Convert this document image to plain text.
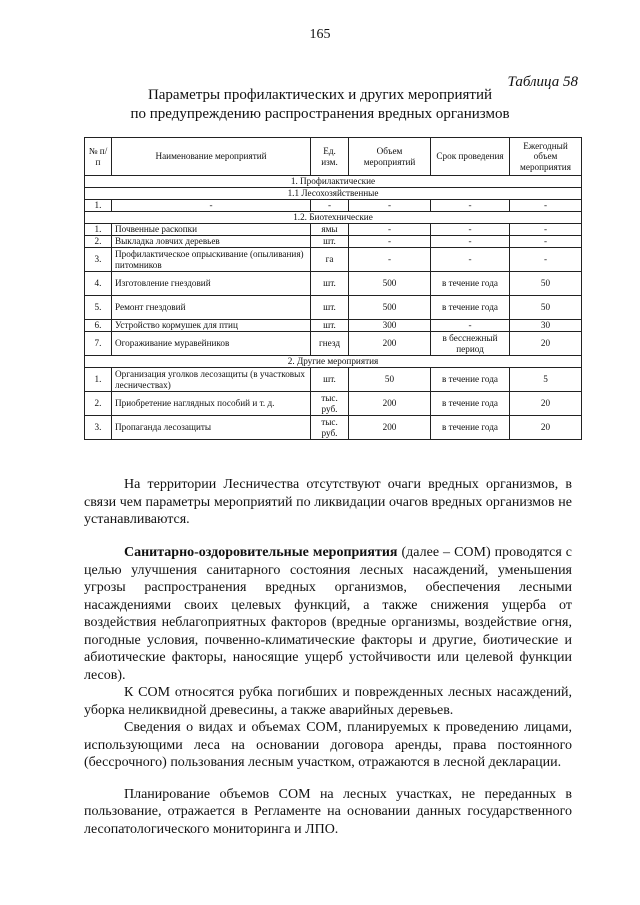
165
Таблица 58
Параметры профилактических и других мероприятий
по предупреждению распространения вредных организмов
№ п/п	Наименование мероприятий	Ед. изм.	Объем мероприятий	Срок проведения	Ежегодный объем мероприятия
1. Профилактические					
1.1 Лесохозяйственные					
1.	-	-	-	-	-
1.2. Биотехнические					
1.	Почвенные раскопки	ямы	-	-	-
2.	Выкладка ловчих деревьев	шт.	-	-	-
3.	Профилактическое опрыскивание (опыливания) питомников	га	-	-	-
4.	Изготовление гнездовий	шт.	500	в течение года	50
5.	Ремонт гнездовий	шт.	500	в течение года	50
6.	Устройство кормушек для птиц	шт.	300	-	30
7.	Огораживание муравейников	гнезд	200	в бесснежный период	20
2. Другие мероприятия					
1.	Организация уголков лесозащиты (в участковых лесничествах)	шт.	50	в течение года	5
2.	Приобретение наглядных пособий и т. д.	тыс. руб.	200	в течение года	20
3.	Пропаганда лесозащиты	тыс. руб.	200	в течение года	20

На территории Лесничества отсутствуют очаги вредных организмов, в связи чем параметры мероприятий по ликвидации очагов вредных организмов не устанавливаются.

Санитарно-оздоровительные мероприятия (далее – СОМ) проводятся с целью улучшения санитарного состояния лесных насаждений, уменьшения угрозы распространения вредных организмов, обеспечения лесными насаждениями своих целевых функций, а также снижения ущерба от воздействия неблагоприятных факторов (вредные организмы, воздействие огня, погодные условия, почвенно-климатические факторы и другие, биотические и абиотические факторы, наносящие ущерб устойчивости или целевой функции лесов).

К СОМ относятся рубка погибших и поврежденных лесных насаждений, уборка неликвидной древесины, а также аварийных деревьев.

Сведения о видах и объемах СОМ, планируемых к проведению лицами, использующими леса на основании договора аренды, права постоянного (бессрочного) пользования лесным участком, отражаются в лесной декларации.

Планирование объемов СОМ на лесных участках, не переданных в пользование, отражается в Регламенте на основании данных государственного лесопатологического мониторинга и ЛПО.
